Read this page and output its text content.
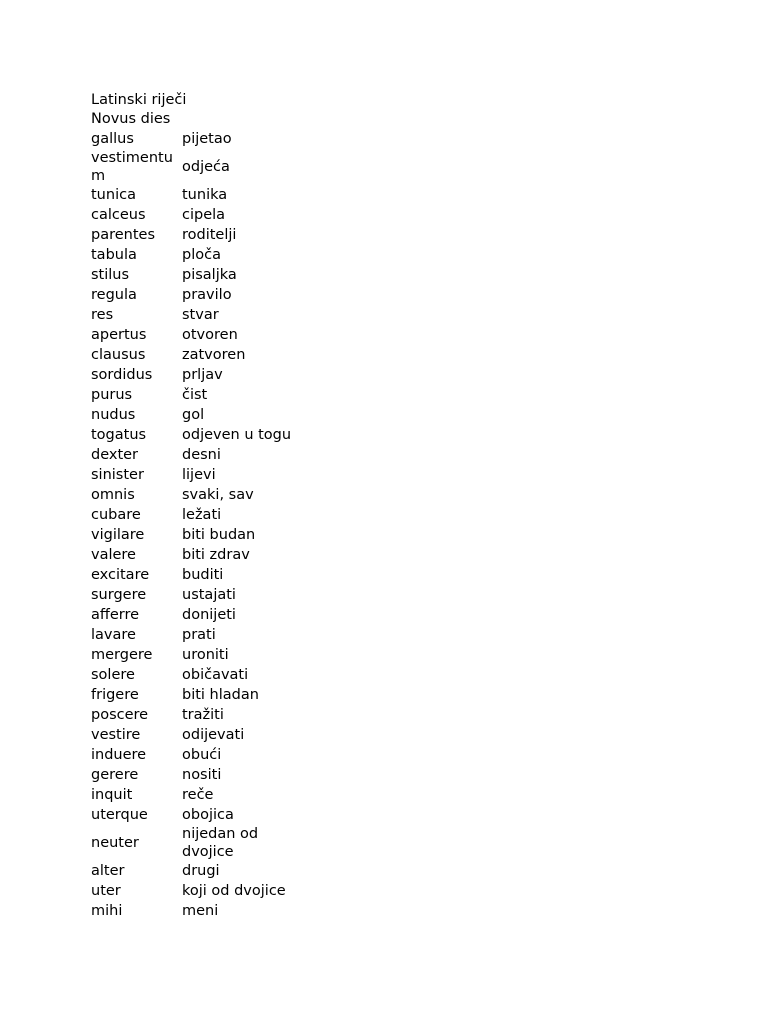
Latinski riječi
Novus dies
gallus	pijetao
vestimentum	odjeća
tunica	tunika
calceus	cipela
parentes	roditelji
tabula	ploča
stilus	pisaljka
regula	pravilo
res	stvar
apertus	otvoren
clausus	zatvoren
sordidus	prljav
purus	čist
nudus	gol
togatus	odjeven u togu
dexter	desni
sinister	lijevi
omnis	svaki, sav
cubare	ležati
vigilare	biti budan
valere	biti zdrav
excitare	buditi
surgere	ustajati
afferre	donijeti
lavare	prati
mergere	uroniti
solere	običavati
frigere	biti hladan
poscere	tražiti
vestire	odijevati
induere	obući
gerere	nositi
inquit	reče
uterque	obojica
neuter	nijedan od dvojice
alter	drugi
uter	koji od dvojice
mihi	meni
